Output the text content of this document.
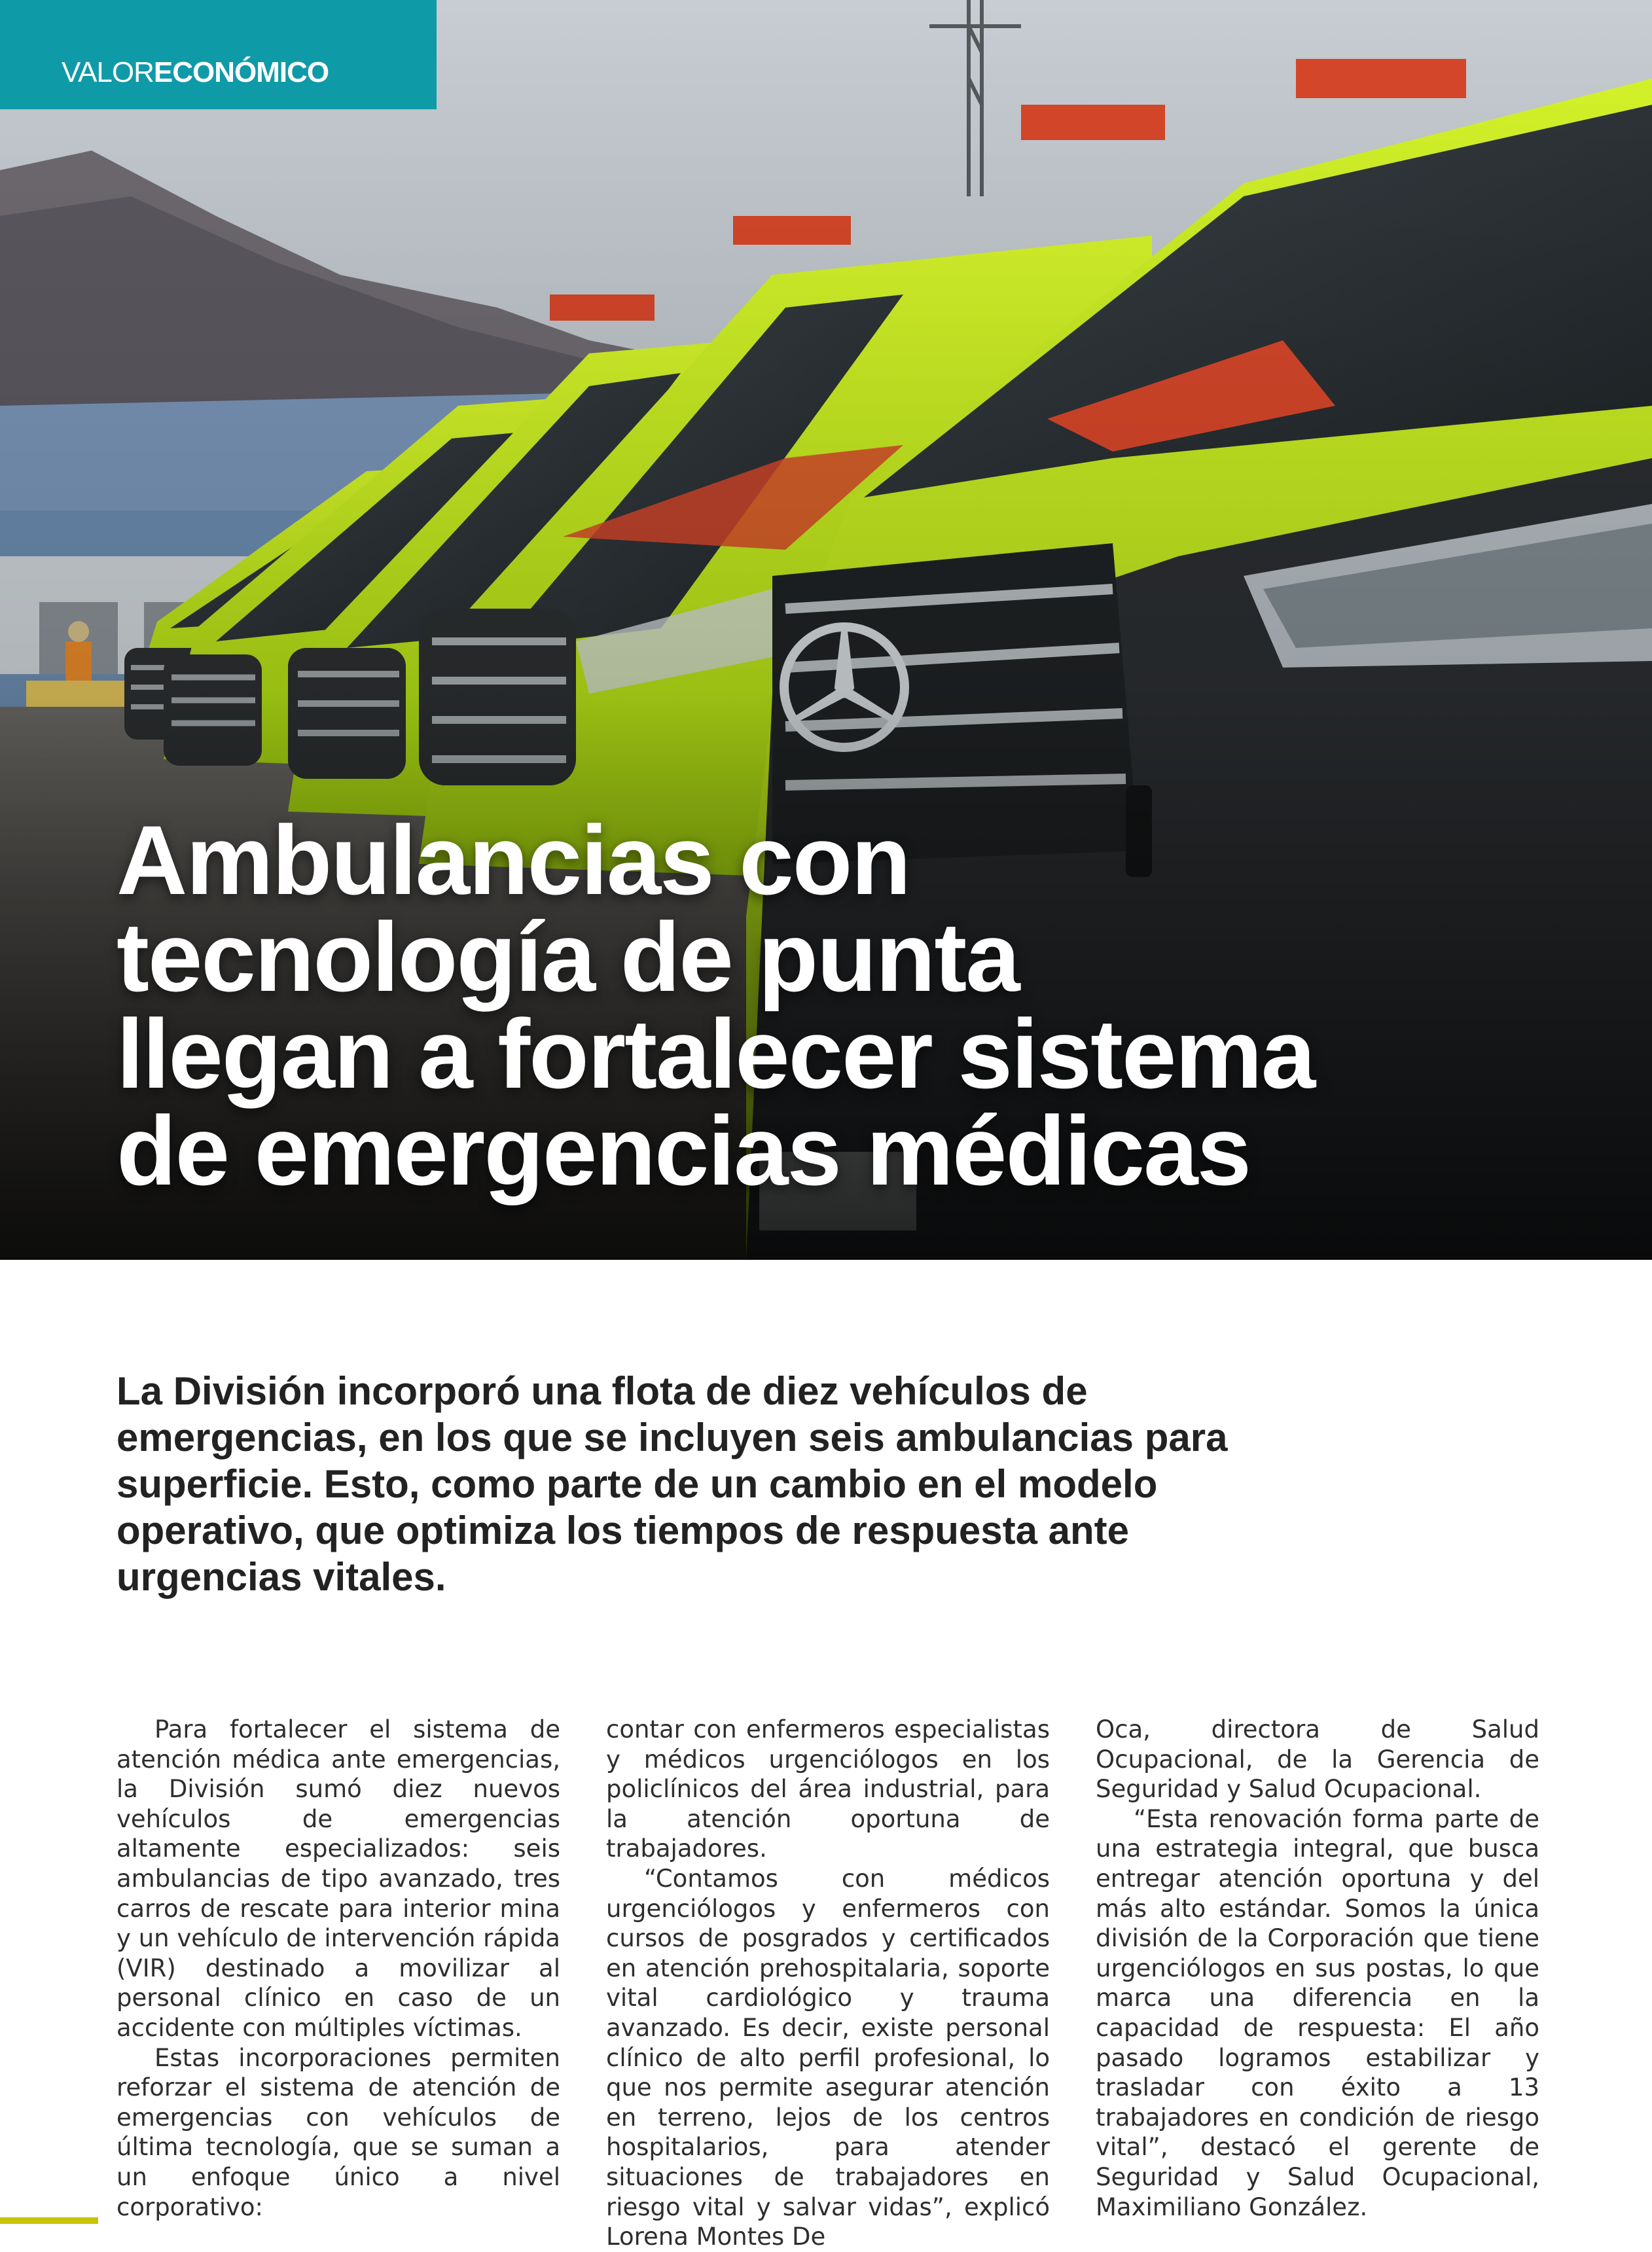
VALORECONÓMICO
Ambulancias con
tecnología de punta
llegan a fortalecer sistema
de emergencias médicas

La División incorporó una flota de diez vehículos de emergencias, en los que se incluyen seis ambulancias para superficie. Esto, como parte de un cambio en el modelo operativo, que optimiza los tiempos de respuesta ante urgencias vitales.

Para fortalecer el sistema de atención médica ante emergencias, la División sumó diez nuevos vehículos de emergencias altamente especializados: seis ambulancias de tipo avanzado, tres carros de rescate para interior mina y un vehículo de intervención rápida (VIR) destinado a movilizar al personal clínico en caso de un accidente con múltiples víctimas.

Estas incorporaciones permiten reforzar el sistema de atención de emergencias con vehículos de última tecnología, que se suman a un enfoque único a nivel corporativo:

contar con enfermeros especialistas y médicos urgenciólogos en los policlínicos del área industrial, para la atención oportuna de trabajadores.

“Contamos con médicos urgenciólogos y enfermeros con cursos de posgrados y certificados en atención prehospitalaria, soporte vital cardiológico y trauma avanzado. Es decir, existe personal clínico de alto perfil profesional, lo que nos permite asegurar atención en terreno, lejos de los centros hospitalarios, para atender situaciones de trabajadores en riesgo vital y salvar vidas”, explicó Lorena Montes De

Oca, directora de Salud Ocupacional, de la Gerencia de Seguridad y Salud Ocupacional.

“Esta renovación forma parte de una estrategia integral, que busca entregar atención oportuna y del más alto estándar. Somos la única división de la Corporación que tiene urgenciólogos en sus postas, lo que marca una diferencia en la capacidad de respuesta: El año pasado logramos estabilizar y trasladar con éxito a 13 trabajadores en condición de riesgo vital”, destacó el gerente de Seguridad y Salud Ocupacional, Maximiliano González.
